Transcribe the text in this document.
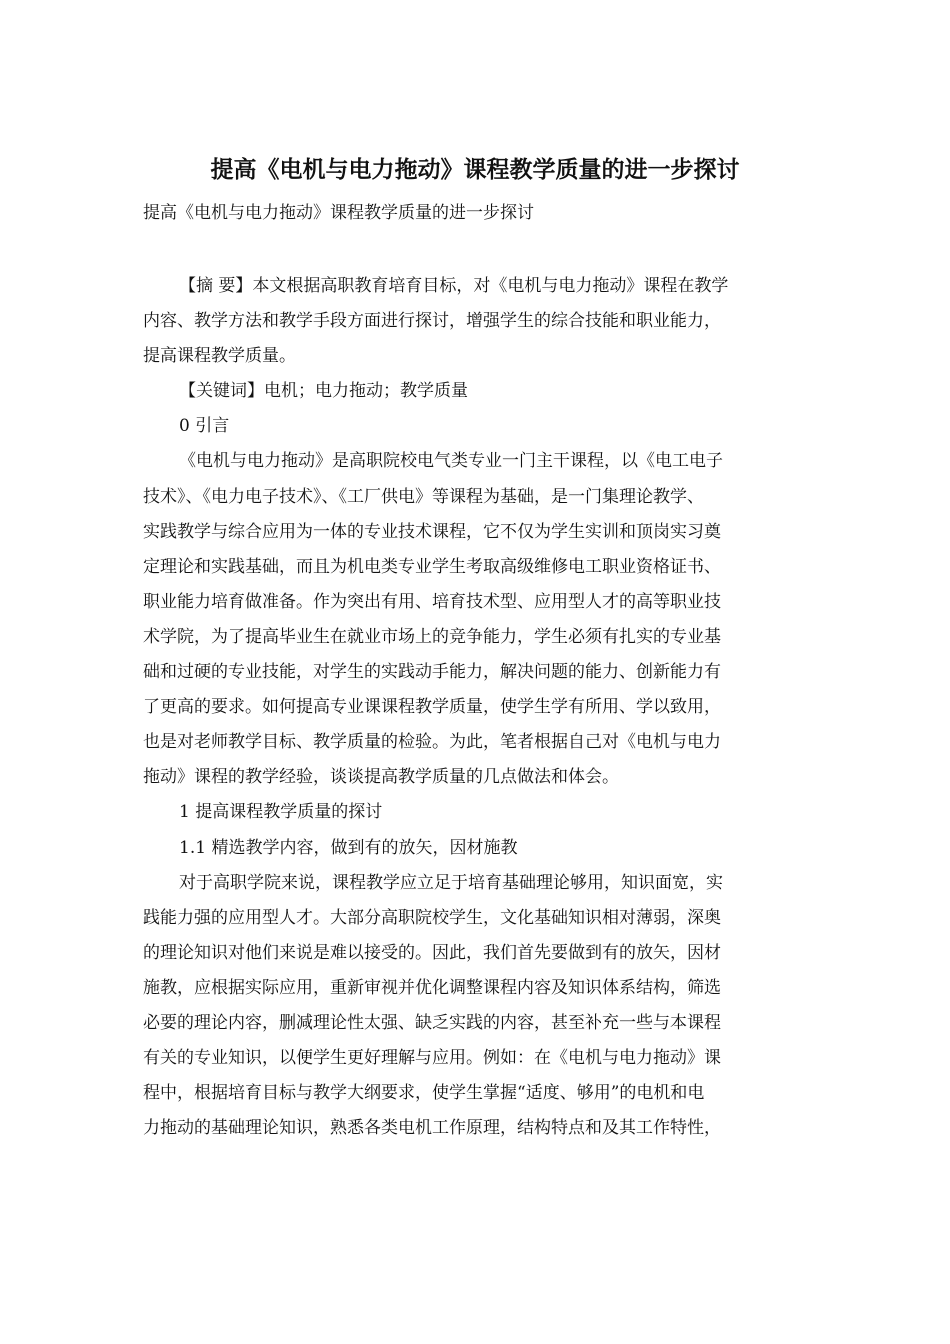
提高《电机与电力拖动》课程教学质量的进一步探讨
提高《电机与电力拖动》课程教学质量的进一步探讨
【摘 要】本文根据高职教育培育目标，对《电机与电力拖动》课程在教学
内容、教学方法和教学手段方面进行探讨，增强学生的综合技能和职业能力，
提高课程教学质量。
【关键词】电机；电力拖动；教学质量
0 引言
《电机与电力拖动》是高职院校电气类专业一门主干课程，以《电工电子
技术》、《电力电子技术》、《工厂供电》等课程为基础，是一门集理论教学、
实践教学与综合应用为一体的专业技术课程，它不仅为学生实训和顶岗实习奠
定理论和实践基础，而且为机电类专业学生考取高级维修电工职业资格证书、
职业能力培育做准备。作为突出有用、培育技术型、应用型人才的高等职业技
术学院，为了提高毕业生在就业市场上的竞争能力，学生必须有扎实的专业基
础和过硬的专业技能，对学生的实践动手能力，解决问题的能力、创新能力有
了更高的要求。如何提高专业课课程教学质量，使学生学有所用、学以致用，
也是对老师教学目标、教学质量的检验。为此，笔者根据自己对《电机与电力
拖动》课程的教学经验，谈谈提高教学质量的几点做法和体会。
1 提高课程教学质量的探讨
1.1 精选教学内容，做到有的放矢，因材施教
对于高职学院来说，课程教学应立足于培育基础理论够用，知识面宽，实
践能力强的应用型人才。大部分高职院校学生，文化基础知识相对薄弱，深奥
的理论知识对他们来说是难以接受的。因此，我们首先要做到有的放矢，因材
施教，应根据实际应用，重新审视并优化调整课程内容及知识体系结构，筛选
必要的理论内容，删减理论性太强、缺乏实践的内容，甚至补充一些与本课程
有关的专业知识，以便学生更好理解与应用。例如：在《电机与电力拖动》课
程中，根据培育目标与教学大纲要求，使学生掌握“适度、够用”的电机和电
力拖动的基础理论知识，熟悉各类电机工作原理，结构特点和及其工作特性，
